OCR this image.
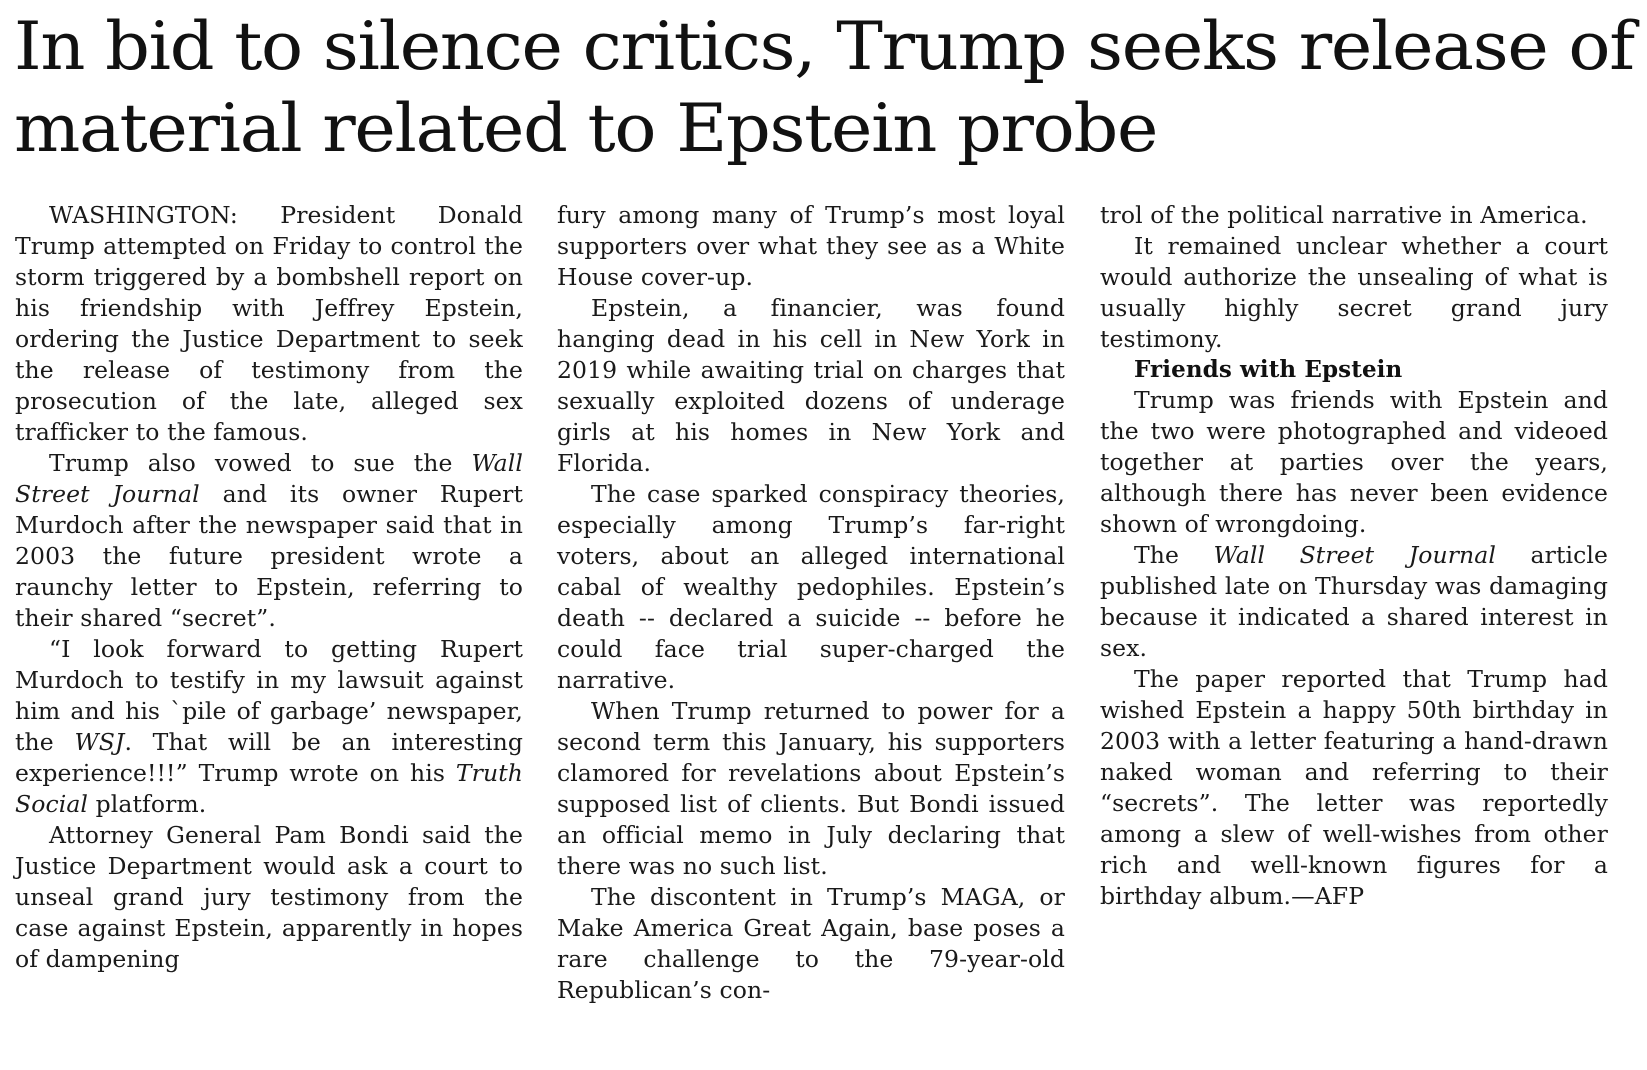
In bid to silence critics, Trump seeks release of material related to Epstein probe

WASHINGTON: President Donald Trump attempted on Friday to control the storm triggered by a bombshell report on his friendship with Jeffrey Epstein, ordering the Justice Department to seek the release of testimony from the prosecution of the late, alleged sex trafficker to the famous.

Trump also vowed to sue the Wall Street Journal and its owner Rupert Murdoch after the newspaper said that in 2003 the future president wrote a raunchy letter to Epstein, referring to their shared “secret”.

“I look forward to getting Rupert Murdoch to testify in my lawsuit against him and his `pile of garbage’ newspaper, the WSJ. That will be an interesting experience!!!” Trump wrote on his Truth Social platform.

Attorney General Pam Bondi said the Justice Department would ask a court to unseal grand jury testimony from the case against Epstein, apparently in hopes of dampening

fury among many of Trump’s most loyal supporters over what they see as a White House cover-up.

Epstein, a financier, was found hanging dead in his cell in New York in 2019 while awaiting trial on charges that sexually exploited dozens of underage girls at his homes in New York and Florida.

The case sparked conspiracy theories, especially among Trump’s far-right voters, about an alleged international cabal of wealthy pedophiles. Epstein’s death -- declared a suicide -- before he could face trial super-charged the narrative.

When Trump returned to power for a second term this January, his supporters clamored for revelations about Epstein’s supposed list of clients. But Bondi issued an official memo in July declaring that there was no such list.

The discontent in Trump’s MAGA, or Make America Great Again, base poses a rare challenge to the 79-year-old Republican’s con-

trol of the political narrative in America.

It remained unclear whether a court would authorize the unsealing of what is usually highly secret grand jury testimony.

Friends with Epstein

Trump was friends with Epstein and the two were photographed and videoed together at parties over the years, although there has never been evidence shown of wrongdoing.

The Wall Street Journal article published late on Thursday was damaging because it indicated a shared interest in sex.

The paper reported that Trump had wished Epstein a happy 50th birthday in 2003 with a letter featuring a hand-drawn naked woman and referring to their “secrets”. The letter was reportedly among a slew of well-wishes from other rich and well-known figures for a birthday album.—AFP
